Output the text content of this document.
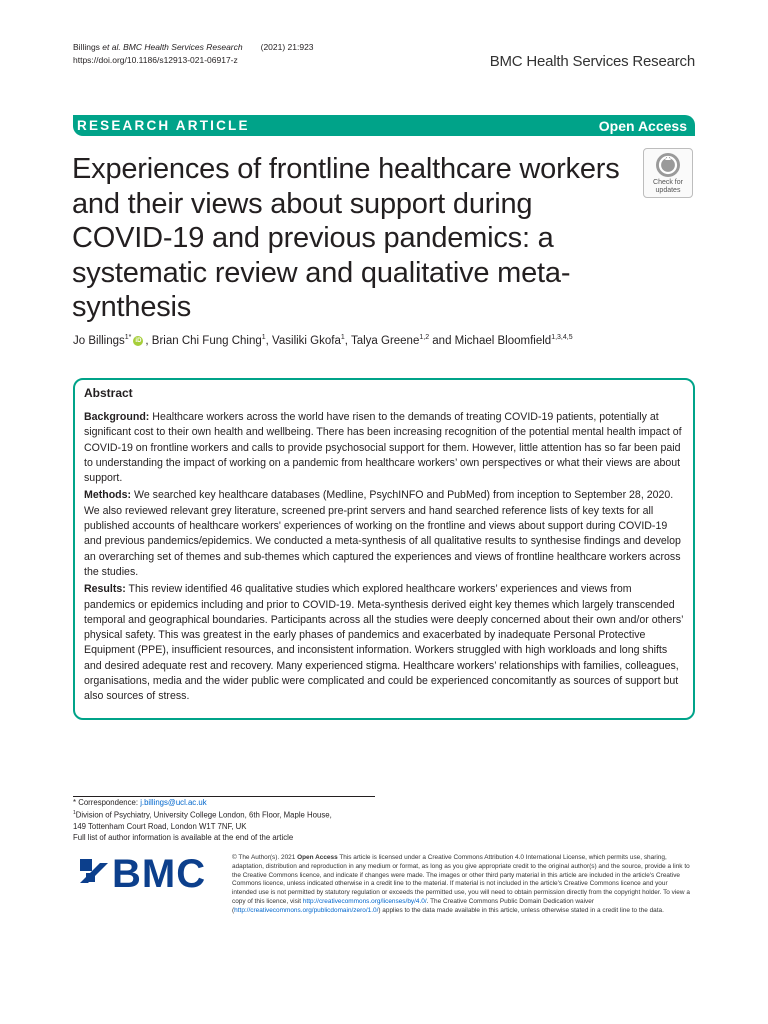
Billings et al. BMC Health Services Research (2021) 21:923
https://doi.org/10.1186/s12913-021-06917-z	BMC Health Services Research
RESEARCH ARTICLE	Open Access
Experiences of frontline healthcare workers and their views about support during COVID-19 and previous pandemics: a systematic review and qualitative meta-synthesis
Check for
updates
Jo Billings$^{1*}$ iD , Brian Chi Fung Ching$^1$, Vasiliki Gkofa$^1$, Talya Greene$^{1,2}$ and Michael Bloomfield$^{1,3,4,5}$
Abstract

Background: Healthcare workers across the world have risen to the demands of treating COVID-19 patients, potentially at significant cost to their own health and wellbeing. There has been increasing recognition of the potential mental health impact of COVID-19 on frontline workers and calls to provide psychosocial support for them. However, little attention has so far been paid to understanding the impact of working on a pandemic from healthcare workers’ own perspectives or what their views are about support.

Methods: We searched key healthcare databases (Medline, PsychINFO and PubMed) from inception to September 28, 2020. We also reviewed relevant grey literature, screened pre-print servers and hand searched reference lists of key texts for all published accounts of healthcare workers' experiences of working on the frontline and views about support during COVID-19 and previous pandemics/epidemics. We conducted a meta-synthesis of all qualitative results to synthesise findings and develop an overarching set of themes and sub-themes which captured the experiences and views of frontline healthcare workers across the studies.

Results: This review identified 46 qualitative studies which explored healthcare workers’ experiences and views from pandemics or epidemics including and prior to COVID-19. Meta-synthesis derived eight key themes which largely transcended temporal and geographical boundaries. Participants across all the studies were deeply concerned about their own and/or others’ physical safety. This was greatest in the early phases of pandemics and exacerbated by inadequate Personal Protective Equipment (PPE), insufficient resources, and inconsistent information. Workers struggled with high workloads and long shifts and desired adequate rest and recovery. Many experienced stigma. Healthcare workers’ relationships with families, colleagues, organisations, media and the wider public were complicated and could be experienced concomitantly as sources of support but also sources of stress.

* Correspondence: j.billings@ucl.ac.uk
$^1$Division of Psychiatry, University College London, 6th Floor, Maple House,
149 Tottenham Court Road, London W1T 7NF, UK
Full list of author information is available at the end of the article
BMC	© The Author(s). 2021 Open Access This article is licensed under a Creative Commons Attribution 4.0 International License, which permits use, sharing, adaptation, distribution and reproduction in any medium or format, as long as you give appropriate credit to the original author(s) and the source, provide a link to the Creative Commons licence, and indicate if changes were made. The images or other third party material in this article are included in the article's Creative Commons licence, unless indicated otherwise in a credit line to the material. If material is not included in the article's Creative Commons licence and your intended use is not permitted by statutory regulation or exceeds the permitted use, you will need to obtain permission directly from the copyright holder. To view a copy of this licence, visit http://creativecommons.org/licenses/by/4.0/. The Creative Commons Public Domain Dedication waiver (http://creativecommons.org/publicdomain/zero/1.0/) applies to the data made available in this article, unless otherwise stated in a credit line to the data.
